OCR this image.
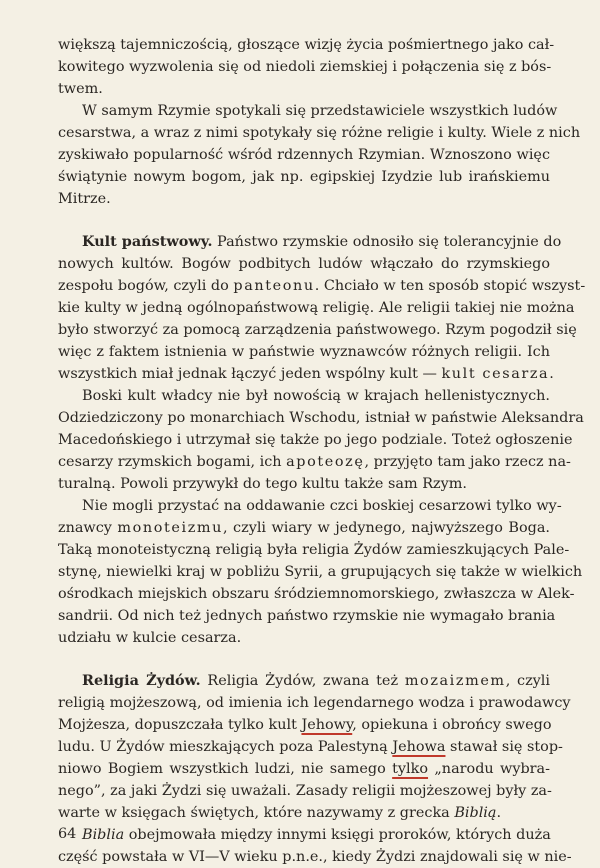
większą tajemniczością, głoszące wizję życia pośmiertnego jako cał-
kowitego wyzwolenia się od niedoli ziemskiej i połączenia się z bós-
twem.
W samym Rzymie spotykali się przedstawiciele wszystkich ludów
cesarstwa, a wraz z nimi spotykały się różne religie i kulty. Wiele z nich
zyskiwało popularność wśród rdzennych Rzymian. Wznoszono więc
świątynie nowym bogom, jak np. egipskiej Izydzie lub irańskiemu
Mitrze.
Kult państwowy. Państwo rzymskie odnosiło się tolerancyjnie do
nowych kultów. Bogów podbitych ludów włączało do rzymskiego
zespołu bogów, czyli do panteonu. Chciało w ten sposób stopić wszyst-
kie kulty w jedną ogólnopaństwową religię. Ale religii takiej nie można
było stworzyć za pomocą zarządzenia państwowego. Rzym pogodził się
więc z faktem istnienia w państwie wyznawców różnych religii. Ich
wszystkich miał jednak łączyć jeden wspólny kult — kult cesarza.
Boski kult władcy nie był nowością w krajach hellenistycznych.
Odziedziczony po monarchiach Wschodu, istniał w państwie Aleksandra
Macedońskiego i utrzymał się także po jego podziale. Toteż ogłoszenie
cesarzy rzymskich bogami, ich apoteozę, przyjęto tam jako rzecz na-
turalną. Powoli przywykł do tego kultu także sam Rzym.
Nie mogli przystać na oddawanie czci boskiej cesarzowi tylko wy-
znawcy monoteizmu, czyli wiary w jedynego, najwyższego Boga.
Taką monoteistyczną religią była religia Żydów zamieszkujących Pale-
stynę, niewielki kraj w pobliżu Syrii, a grupujących się także w wielkich
ośrodkach miejskich obszaru śródziemnomorskiego, zwłaszcza w Alek-
sandrii. Od nich też jednych państwo rzymskie nie wymagało brania
udziału w kulcie cesarza.
Religia Żydów. Religia Żydów, zwana też mozaizmem, czyli
religią mojżeszową, od imienia ich legendarnego wodza i prawodawcy
Mojżesza, dopuszczała tylko kult Jehowy, opiekuna i obrońcy swego
ludu. U Żydów mieszkających poza Palestyną Jehowa stawał się stop-
niowo Bogiem wszystkich ludzi, nie samego tylko „narodu wybra-
nego”, za jaki Żydzi się uważali. Zasady religii mojżeszowej były za-
warte w księgach świętych, które nazywamy z grecka Biblią.
Biblia obejmowała między innymi księgi proroków, których duża
część powstała w VI—V wieku p.n.e., kiedy Żydzi znajdowali się w nie-
64
